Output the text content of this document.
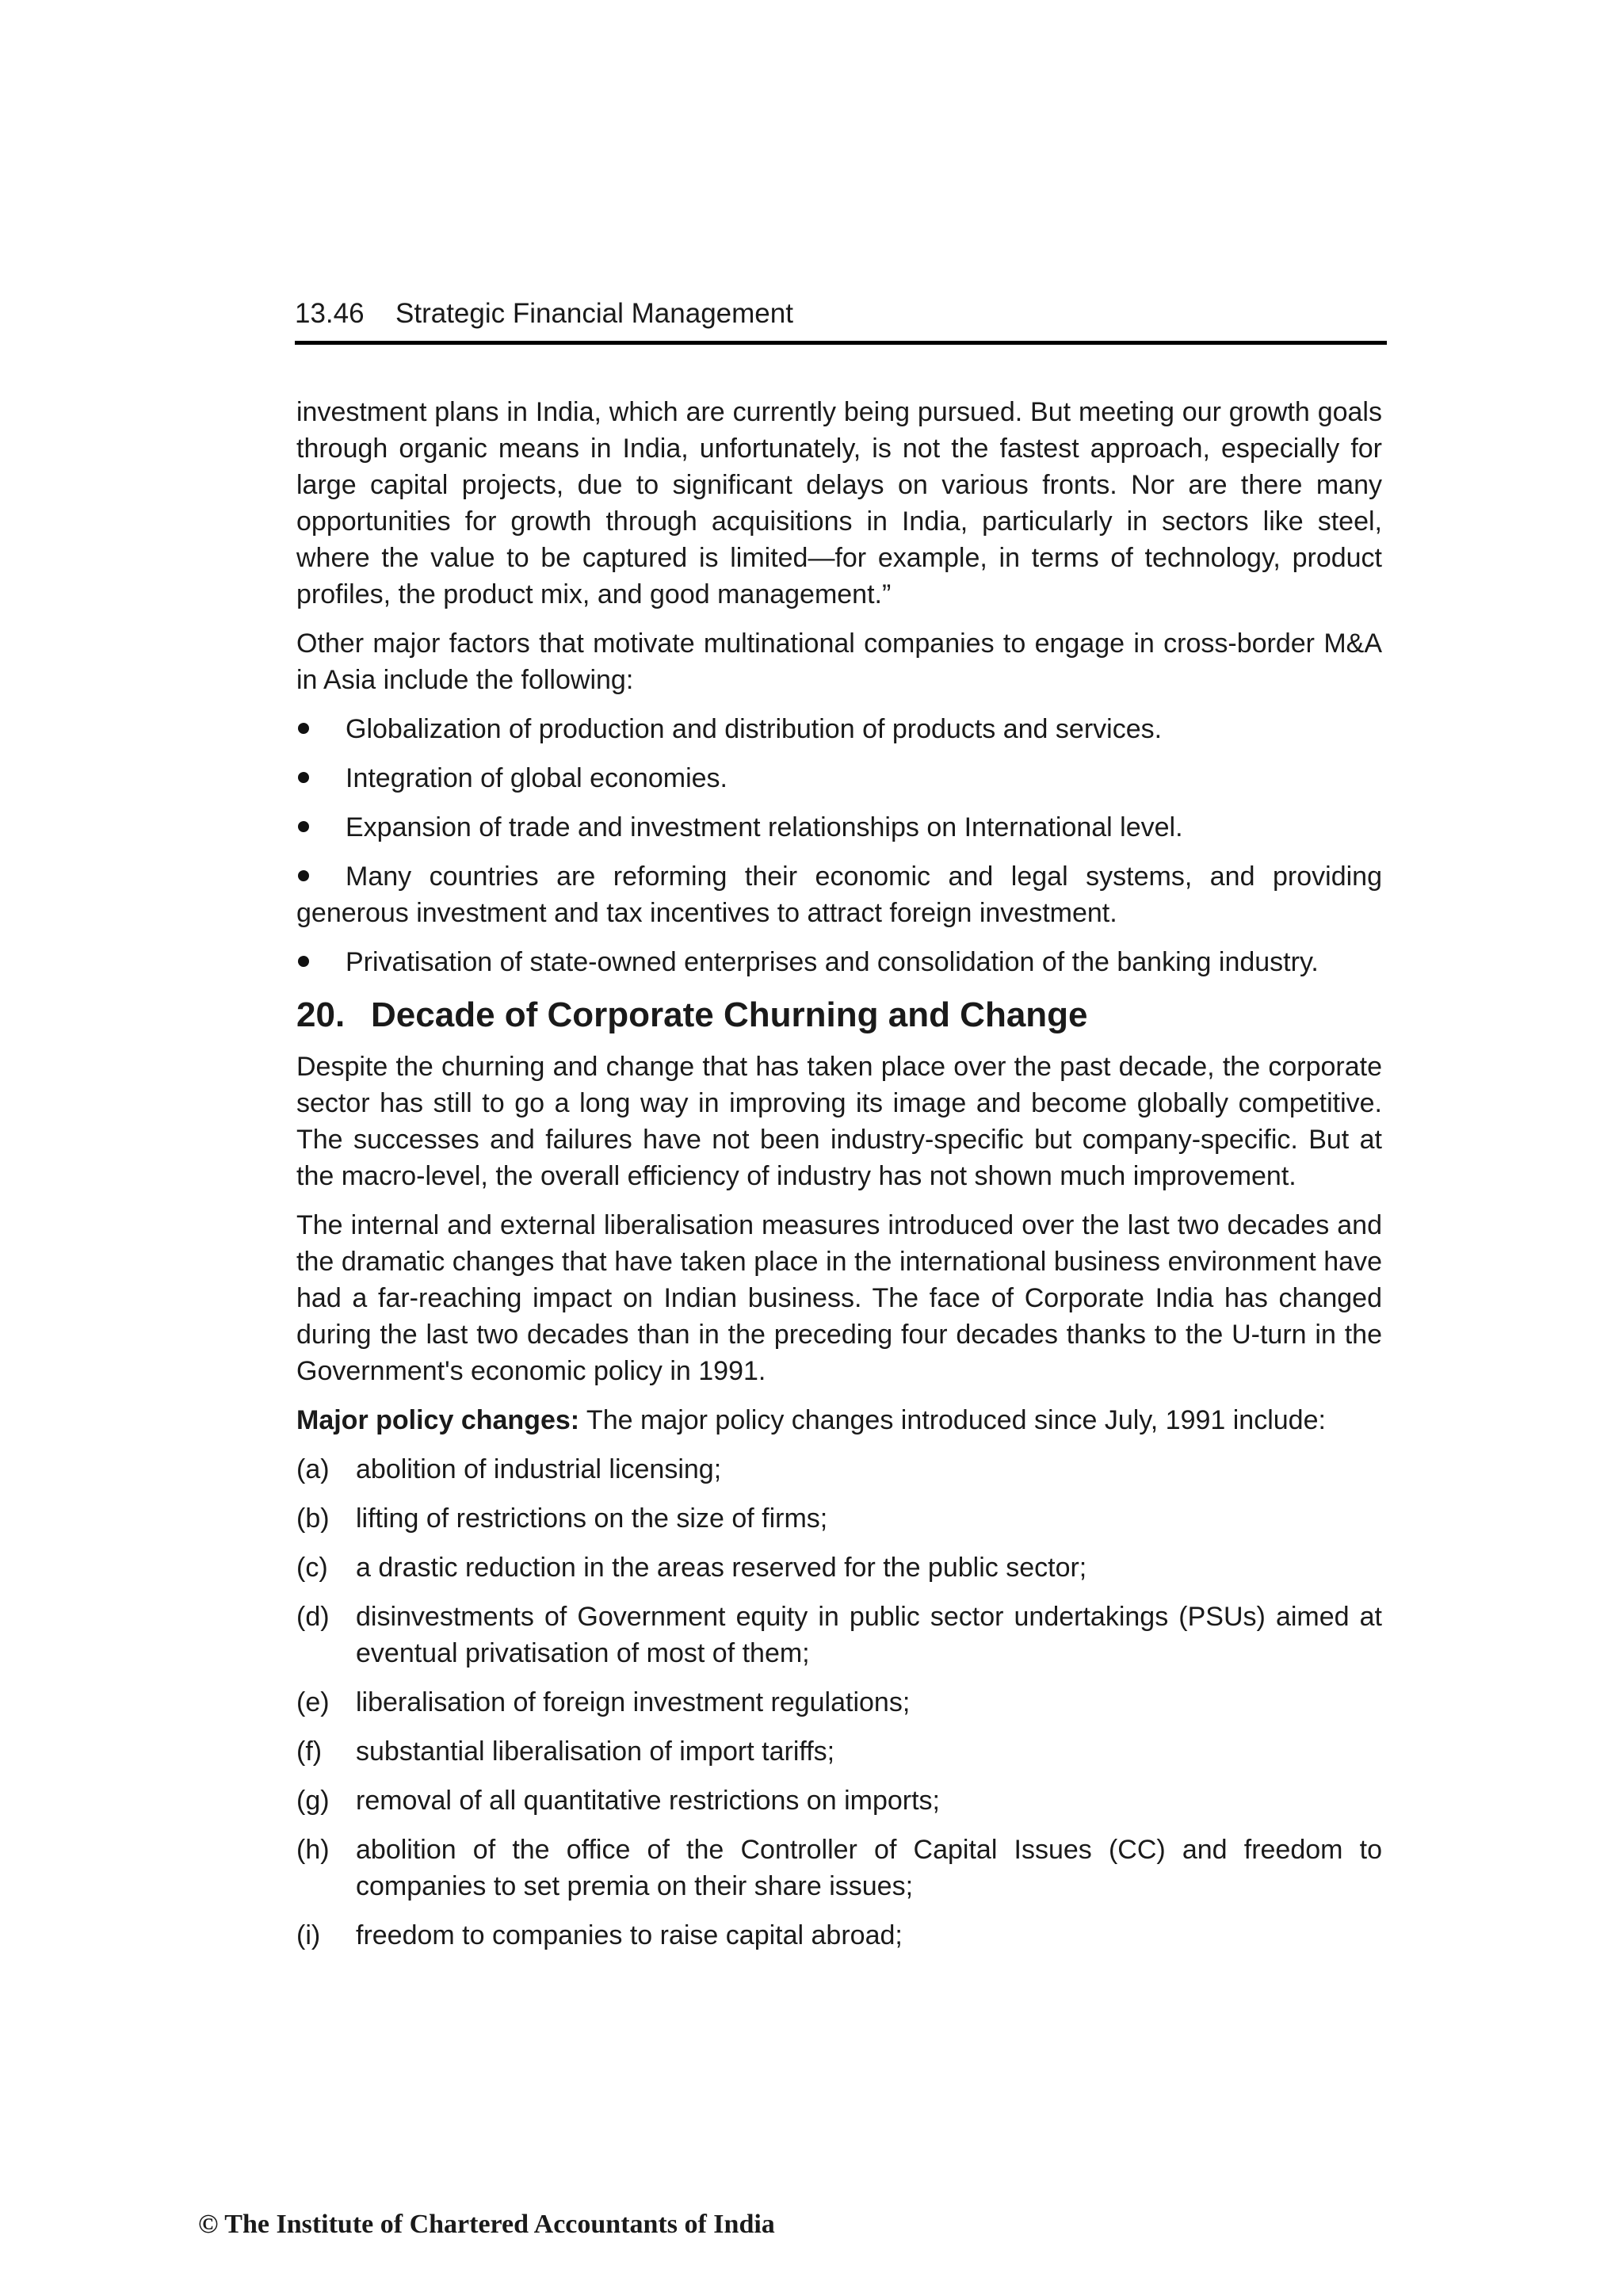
13.46 Strategic Financial Management

investment plans in India, which are currently being pursued. But meeting our growth goals through organic means in India, unfortunately, is not the fastest approach, especially for large capital projects, due to significant delays on various fronts. Nor are there many opportunities for growth through acquisitions in India, particularly in sectors like steel, where the value to be captured is limited—for example, in terms of technology, product profiles, the product mix, and good management.”

Other major factors that motivate multinational companies to engage in cross-border M&A in Asia include the following:

Globalization of production and distribution of products and services.
Integration of global economies.
Expansion of trade and investment relationships on International level.
Many countries are reforming their economic and legal systems, and providing generous investment and tax incentives to attract foreign investment.
Privatisation of state-owned enterprises and consolidation of the banking industry.
20. Decade of Corporate Churning and Change

Despite the churning and change that has taken place over the past decade, the corporate sector has still to go a long way in improving its image and become globally competitive. The successes and failures have not been industry-specific but company-specific. But at the macro-level, the overall efficiency of industry has not shown much improvement.

The internal and external liberalisation measures introduced over the last two decades and the dramatic changes that have taken place in the international business environment have had a far-reaching impact on Indian business. The face of Corporate India has changed during the last two decades than in the preceding four decades thanks to the U-turn in the Government's economic policy in 1991.

Major policy changes: The major policy changes introduced since July, 1991 include:

(a) abolition of industrial licensing;
(b) lifting of restrictions on the size of firms;
(c) a drastic reduction in the areas reserved for the public sector;
(d) disinvestments of Government equity in public sector undertakings (PSUs) aimed at eventual privatisation of most of them;
(e) liberalisation of foreign investment regulations;
(f) substantial liberalisation of import tariffs;
(g) removal of all quantitative restrictions on imports;
(h) abolition of the office of the Controller of Capital Issues (CC) and freedom to companies to set premia on their share issues;
(i) freedom to companies to raise capital abroad;
© The Institute of Chartered Accountants of India
